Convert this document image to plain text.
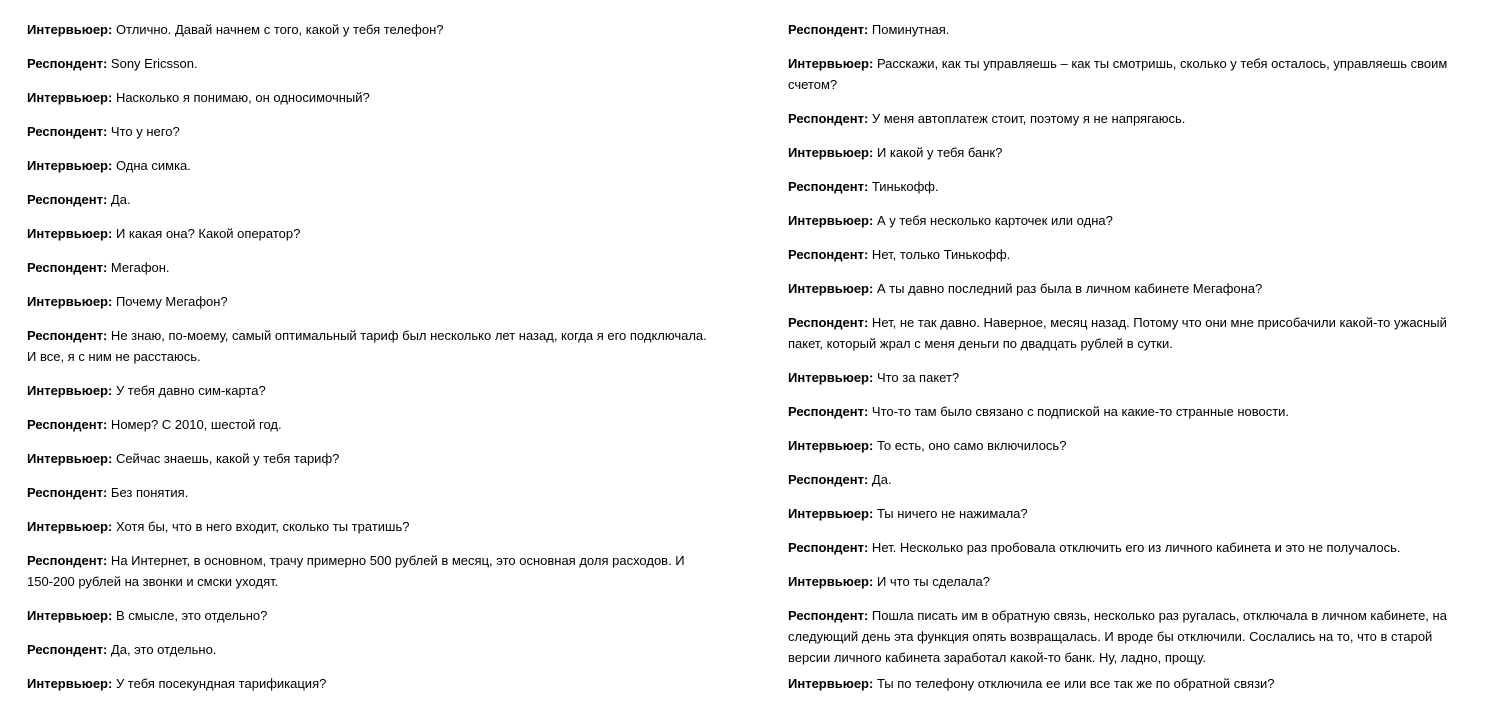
Интервьюер: Отлично. Давай начнем с того, какой у тебя телефон?

Респондент: Sony Ericsson.

Интервьюер: Насколько я понимаю, он односимочный?

Респондент: Что у него?

Интервьюер: Одна симка.

Респондент: Да.

Интервьюер: И какая она? Какой оператор?

Респондент: Мегафон.

Интервьюер: Почему Мегафон?

Респондент: Не знаю, по-моему, самый оптимальный тариф был несколько лет назад, когда я его подключала. И все, я с ним не расстаюсь.

Интервьюер: У тебя давно сим-карта?

Респондент: Номер? С 2010, шестой год.

Интервьюер: Сейчас знаешь, какой у тебя тариф?

Респондент: Без понятия.

Интервьюер: Хотя бы, что в него входит, сколько ты тратишь?

Респондент: На Интернет, в основном, трачу примерно 500 рублей в месяц, это основная доля расходов. И 150-200 рублей на звонки и смски уходят.

Интервьюер: В смысле, это отдельно?

Респондент: Да, это отдельно.

Интервьюер: У тебя посекундная тарификация?

Респондент: Поминутная.

Интервьюер: Расскажи, как ты управляешь – как ты смотришь, сколько у тебя осталось, управляешь своим счетом?

Респондент: У меня автоплатеж стоит, поэтому я не напрягаюсь.

Интервьюер: И какой у тебя банк?

Респондент: Тинькофф.

Интервьюер: А у тебя несколько карточек или одна?

Респондент: Нет, только Тинькофф.

Интервьюер: А ты давно последний раз была в личном кабинете Мегафона?

Респондент: Нет, не так давно. Наверное, месяц назад. Потому что они мне присобачили какой-то ужасный пакет, который жрал с меня деньги по двадцать рублей в сутки.

Интервьюер: Что за пакет?

Респондент: Что-то там было связано с подпиской на какие-то странные новости.

Интервьюер: То есть, оно само включилось?

Респондент: Да.

Интервьюер: Ты ничего не нажимала?

Респондент: Нет. Несколько раз пробовала отключить его из личного кабинета и это не получалось.

Интервьюер: И что ты сделала?

Респондент: Пошла писать им в обратную связь, несколько раз ругалась, отключала в личном кабинете, на следующий день эта функция опять возвращалась. И вроде бы отключили. Сослались на то, что в старой версии личного кабинета заработал какой-то банк. Ну, ладно, прощу.

Интервьюер: Ты по телефону отключила ее или все так же по обратной связи?
